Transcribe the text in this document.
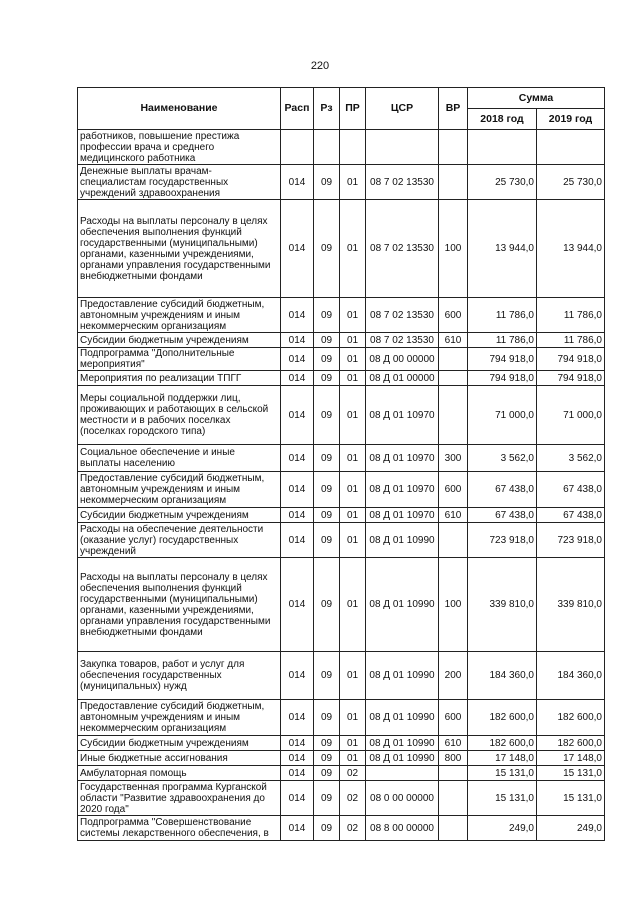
220
Наименование	Расп	Рз	ПР	ЦСР	ВР	Сумма	
						2018 год	2019 год
работников, повышение престижа профессии врача и среднего медицинского работника							
Денежные выплаты врачам-специалистам государственных учреждений здравоохранения	014	09	01	08 7 02 13530		25 730,0	25 730,0
Расходы на выплаты персоналу в целях обеспечения выполнения функций государственными (муниципальными) органами, казенными учреждениями, органами управления государственными внебюджетными фондами	014	09	01	08 7 02 13530	100	13 944,0	13 944,0
Предоставление субсидий бюджетным, автономным учреждениям и иным некоммерческим организациям	014	09	01	08 7 02 13530	600	11 786,0	11 786,0
Субсидии бюджетным учреждениям	014	09	01	08 7 02 13530	610	11 786,0	11 786,0
Подпрограмма "Дополнительные мероприятия"	014	09	01	08 Д 00 00000		794 918,0	794 918,0
Мероприятия по реализации ТПГГ	014	09	01	08 Д 01 00000		794 918,0	794 918,0
Меры социальной поддержки лиц, проживающих и работающих в сельской местности и в рабочих поселках (поселках городского типа)	014	09	01	08 Д 01 10970		71 000,0	71 000,0
Социальное обеспечение и иные выплаты населению	014	09	01	08 Д 01 10970	300	3 562,0	3 562,0
Предоставление субсидий бюджетным, автономным учреждениям и иным некоммерческим организациям	014	09	01	08 Д 01 10970	600	67 438,0	67 438,0
Субсидии бюджетным учреждениям	014	09	01	08 Д 01 10970	610	67 438,0	67 438,0
Расходы на обеспечение деятельности (оказание услуг) государственных учреждений	014	09	01	08 Д 01 10990		723 918,0	723 918,0
Расходы на выплаты персоналу в целях обеспечения выполнения функций государственными (муниципальными) органами, казенными учреждениями, органами управления государственными внебюджетными фондами	014	09	01	08 Д 01 10990	100	339 810,0	339 810,0
Закупка товаров, работ и услуг для обеспечения государственных (муниципальных) нужд	014	09	01	08 Д 01 10990	200	184 360,0	184 360,0
Предоставление субсидий бюджетным, автономным учреждениям и иным некоммерческим организациям	014	09	01	08 Д 01 10990	600	182 600,0	182 600,0
Субсидии бюджетным учреждениям	014	09	01	08 Д 01 10990	610	182 600,0	182 600,0
Иные бюджетные ассигнования	014	09	01	08 Д 01 10990	800	17 148,0	17 148,0
Амбулаторная помощь	014	09	02			15 131,0	15 131,0
Государственная программа Курганской области "Развитие здравоохранения до 2020 года"	014	09	02	08 0 00 00000		15 131,0	15 131,0
Подпрограмма "Совершенствование системы лекарственного обеспечения, в	014	09	02	08 8 00 00000		249,0	249,0
